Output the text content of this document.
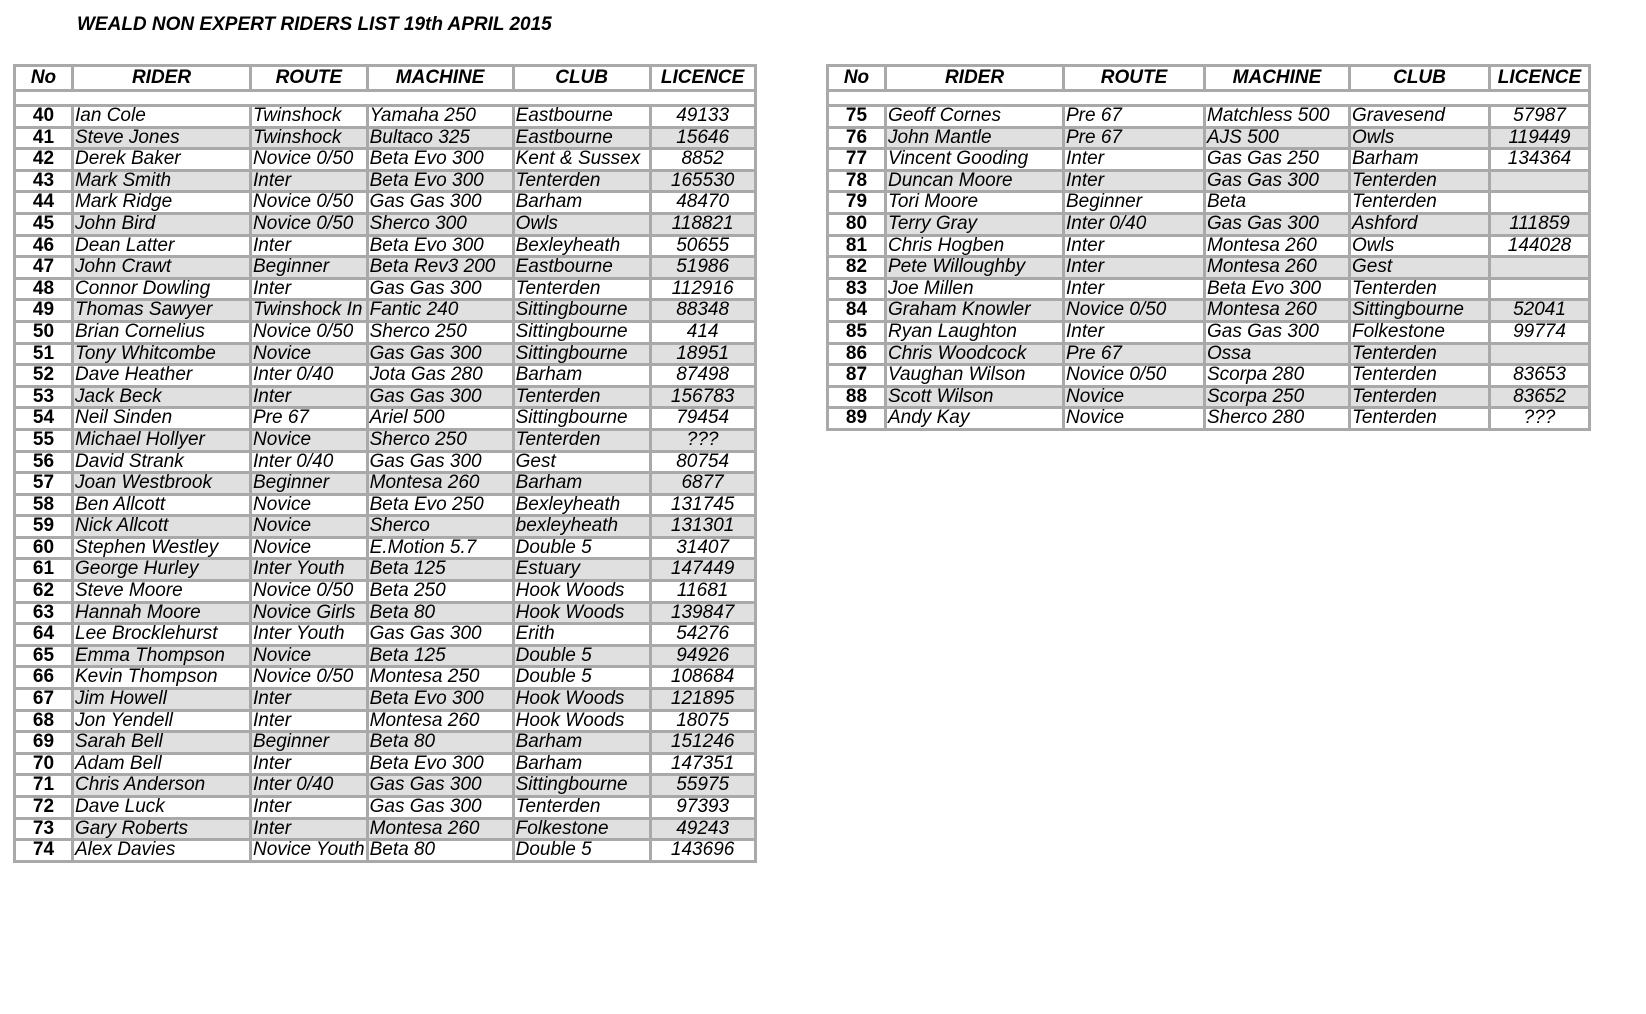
WEALD NON EXPERT RIDERS LIST 19th APRIL 2015
No	RIDER	ROUTE	MACHINE	CLUB	LICENCE

40	Ian Cole	Twinshock	Yamaha 250	Eastbourne	49133
41	Steve Jones	Twinshock	Bultaco 325	Eastbourne	15646
42	Derek Baker	Novice 0/50	Beta Evo 300	Kent & Sussex	8852
43	Mark Smith	Inter	Beta Evo 300	Tenterden	165530
44	Mark Ridge	Novice 0/50	Gas Gas 300	Barham	48470
45	John Bird	Novice 0/50	Sherco 300	Owls	118821
46	Dean Latter	Inter	Beta Evo 300	Bexleyheath	50655
47	John Crawt	Beginner	Beta Rev3 200	Eastbourne	51986
48	Connor Dowling	Inter	Gas Gas 300	Tenterden	112916
49	Thomas Sawyer	Twinshock In	Fantic 240	Sittingbourne	88348
50	Brian Cornelius	Novice 0/50	Sherco 250	Sittingbourne	414
51	Tony Whitcombe	Novice	Gas Gas 300	Sittingbourne	18951
52	Dave Heather	Inter 0/40	Jota Gas 280	Barham	87498
53	Jack Beck	Inter	Gas Gas 300	Tenterden	156783
54	Neil Sinden	Pre 67	Ariel 500	Sittingbourne	79454
55	Michael Hollyer	Novice	Sherco 250	Tenterden	???
56	David Strank	Inter 0/40	Gas Gas 300	Gest	80754
57	Joan Westbrook	Beginner	Montesa 260	Barham	6877
58	Ben Allcott	Novice	Beta Evo 250	Bexleyheath	131745
59	Nick Allcott	Novice	Sherco	bexleyheath	131301
60	Stephen Westley	Novice	E.Motion 5.7	Double 5	31407
61	George Hurley	Inter Youth	Beta 125	Estuary	147449
62	Steve Moore	Novice 0/50	Beta 250	Hook Woods	11681
63	Hannah Moore	Novice Girls	Beta 80	Hook Woods	139847
64	Lee Brocklehurst	Inter Youth	Gas Gas 300	Erith	54276
65	Emma Thompson	Novice	Beta 125	Double 5	94926
66	Kevin Thompson	Novice 0/50	Montesa 250	Double 5	108684
67	Jim Howell	Inter	Beta Evo 300	Hook Woods	121895
68	Jon Yendell	Inter	Montesa 260	Hook Woods	18075
69	Sarah Bell	Beginner	Beta 80	Barham	151246
70	Adam Bell	Inter	Beta Evo 300	Barham	147351
71	Chris Anderson	Inter 0/40	Gas Gas 300	Sittingbourne	55975
72	Dave Luck	Inter	Gas Gas 300	Tenterden	97393
73	Gary Roberts	Inter	Montesa 260	Folkestone	49243
74	Alex Davies	Novice Youth	Beta 80	Double 5	143696
No	RIDER	ROUTE	MACHINE	CLUB	LICENCE

75	Geoff Cornes	Pre 67	Matchless 500	Gravesend	57987
76	John Mantle	Pre 67	AJS 500	Owls	119449
77	Vincent Gooding	Inter	Gas Gas 250	Barham	134364
78	Duncan Moore	Inter	Gas Gas 300	Tenterden	
79	Tori Moore	Beginner	Beta	Tenterden	
80	Terry Gray	Inter 0/40	Gas Gas 300	Ashford	111859
81	Chris Hogben	Inter	Montesa 260	Owls	144028
82	Pete Willoughby	Inter	Montesa 260	Gest	
83	Joe Millen	Inter	Beta Evo 300	Tenterden	
84	Graham Knowler	Novice 0/50	Montesa 260	Sittingbourne	52041
85	Ryan Laughton	Inter	Gas Gas 300	Folkestone	99774
86	Chris Woodcock	Pre 67	Ossa	Tenterden	
87	Vaughan Wilson	Novice 0/50	Scorpa 280	Tenterden	83653
88	Scott Wilson	Novice	Scorpa 250	Tenterden	83652
89	Andy Kay	Novice	Sherco 280	Tenterden	???
